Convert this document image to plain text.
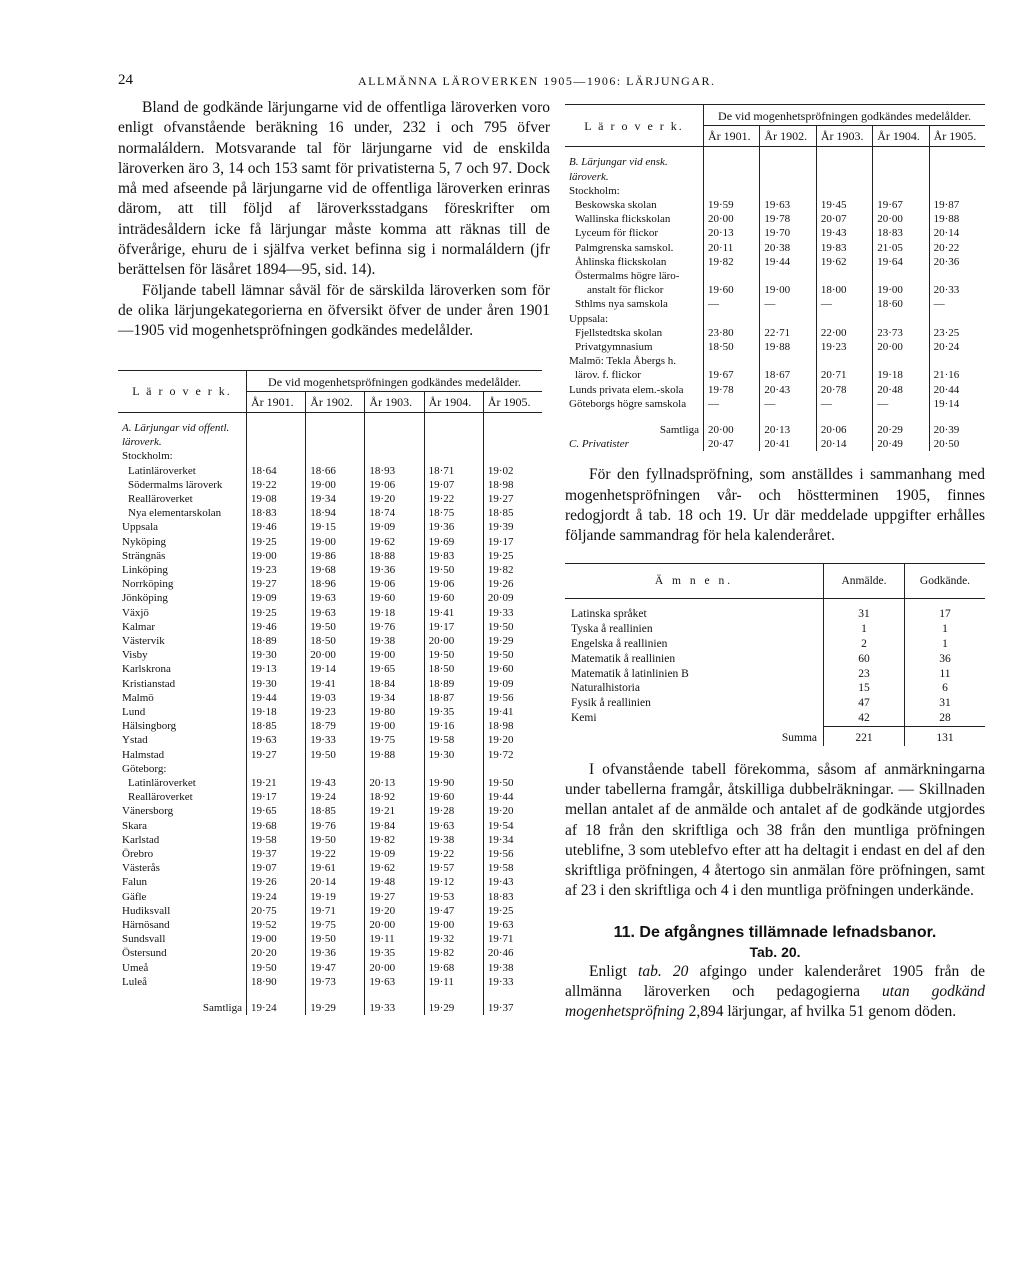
24	ALLMÄNNA LÄROVERKEN 1905—1906: LÄRJUNGAR.

Bland de godkände lärjungarne vid de offentliga läroverken voro enligt ofvanstående beräkning 16 under, 232 i och 795 öfver normaláldern. Motsvarande tal för lärjungarne vid de enskilda läroverken äro 3, 14 och 153 samt för privatisterna 5, 7 och 97. Dock må med afseende på lärjungarne vid de offentliga läroverken erinras därom, att till följd af läroverksstadgans föreskrifter om inträdesåldern icke få lärjungar måste komma att räknas till de öfverårige, ehuru de i själfva verket befinna sig i normaláldern (jfr berättelsen för läsåret 1894—95, sid. 14).

Följande tabell lämnar såväl för de särskilda läroverken som för de olika lärjungekategorierna en öfversikt öfver de under åren 1901—1905 vid mogenhetspröfningen godkändes medelålder.

L ä r o v e r k.	De vid mogenhetspröfningen godkändes medelålder.				
	År 1901.	År 1902.	År 1903.	År 1904.	År 1905.

A. Lärjungar vid offentl. läroverk.					
Stockholm:					
Latinläroverket	18·64	18·66	18·93	18·71	19·02
Södermalms läroverk	19·22	19·00	19·06	19·07	18·98
Realläroverket	19·08	19·34	19·20	19·22	19·27
Nya elementarskolan	18·83	18·94	18·74	18·75	18·85
Uppsala	19·46	19·15	19·09	19·36	19·39
Nyköping	19·25	19·00	19·62	19·69	19·17
Strängnäs	19·00	19·86	18·88	19·83	19·25
Linköping	19·23	19·68	19·36	19·50	19·82
Norrköping	19·27	18·96	19·06	19·06	19·26
Jönköping	19·09	19·63	19·60	19·60	20·09
Växjö	19·25	19·63	19·18	19·41	19·33
Kalmar	19·46	19·50	19·76	19·17	19·50
Västervik	18·89	18·50	19·38	20·00	19·29
Visby	19·30	20·00	19·00	19·50	19·50
Karlskrona	19·13	19·14	19·65	18·50	19·60
Kristianstad	19·30	19·41	18·84	18·89	19·09
Malmö	19·44	19·03	19·34	18·87	19·56
Lund	19·18	19·23	19·80	19·35	19·41
Hälsingborg	18·85	18·79	19·00	19·16	18·98
Ystad	19·63	19·33	19·75	19·58	19·20
Halmstad	19·27	19·50	19·88	19·30	19·72
Göteborg:					
Latinläroverket	19·21	19·43	20·13	19·90	19·50
Realläroverket	19·17	19·24	18·92	19·60	19·44
Vänersborg	19·65	18·85	19·21	19·28	19·20
Skara	19·68	19·76	19·84	19·63	19·54
Karlstad	19·58	19·50	19·82	19·38	19·34
Örebro	19·37	19·22	19·09	19·22	19·56
Västerås	19·07	19·61	19·62	19·57	19·58
Falun	19·26	20·14	19·48	19·12	19·43
Gäfle	19·24	19·19	19·27	19·53	18·83
Hudiksvall	20·75	19·71	19·20	19·47	19·25
Härnösand	19·52	19·75	20·00	19·00	19·63
Sundsvall	19·00	19·50	19·11	19·32	19·71
Östersund	20·20	19·36	19·35	19·82	20·46
Umeå	19·50	19·47	20·00	19·68	19·38
Luleå	18·90	19·73	19·63	19·11	19·33

Samtliga	19·24	19·29	19·33	19·29	19·37
L ä r o v e r k.	De vid mogenhetspröfningen godkändes medelålder.				
	År 1901.	År 1902.	År 1903.	År 1904.	År 1905.

B. Lärjungar vid ensk. läroverk.					
Stockholm:					
Beskowska skolan	19·59	19·63	19·45	19·67	19·87
Wallinska flickskolan	20·00	19·78	20·07	20·00	19·88
Lyceum för flickor	20·13	19·70	19·43	18·83	20·14
Palmgrenska samskol.	20·11	20·38	19·83	21·05	20·22
Åhlinska flickskolan	19·82	19·44	19·62	19·64	20·36
Östermalms högre läro-					
anstalt för flickor	19·60	19·00	18·00	19·00	20·33
Sthlms nya samskola	—	—	—	18·60	—
Uppsala:					
Fjellstedtska skolan	23·80	22·71	22·00	23·73	23·25
Privatgymnasium	18·50	19·88	19·23	20·00	20·24
Malmö: Tekla Åbergs h.					
lärov. f. flickor	19·67	18·67	20·71	19·18	21·16
Lunds privata elem.-skola	19·78	20·43	20·78	20·48	20·44
Göteborgs högre samskola	—	—	—	—	19·14

Samtliga	20·00	20·13	20·06	20·29	20·39
C. Privatister	20·47	20·41	20·14	20·49	20·50

För den fyllnadspröfning, som anställdes i sammanhang med mogenhetspröfningen vår- och höstterminen 1905, finnes redogjordt å tab. 18 och 19. Ur där meddelade uppgifter erhålles följande sammandrag för hela kalenderåret.

Ä m n e n.	Anmälde.	Godkände.

Latinska språket	31	17
Tyska å reallinien	1	1
Engelska å reallinien	2	1
Matematik å reallinien	60	36
Matematik å latinlinien B	23	11
Naturalhistoria	15	6
Fysik å reallinien	47	31
Kemi	42	28
Summa	221	131

I ofvanstående tabell förekomma, såsom af anmärkningarna under tabellerna framgår, åtskilliga dubbelräkningar. — Skillnaden mellan antalet af de anmälde och antalet af de godkände utgjordes af 18 från den skriftliga och 38 från den muntliga pröfningen uteblifne, 3 som uteblefvo efter att ha deltagit i endast en del af den skriftliga pröfningen, 4 återtogo sin anmälan före pröfningen, samt af 23 i den skriftliga och 4 i den muntliga pröfningen underkände.

11. De afgångnes tillämnade lefnadsbanor.
Tab. 20.

Enligt tab. 20 afgingo under kalenderåret 1905 från de allmänna läroverken och pedagogierna utan godkänd mogenhetspröfning 2,894 lärjungar, af hvilka 51 genom döden.
